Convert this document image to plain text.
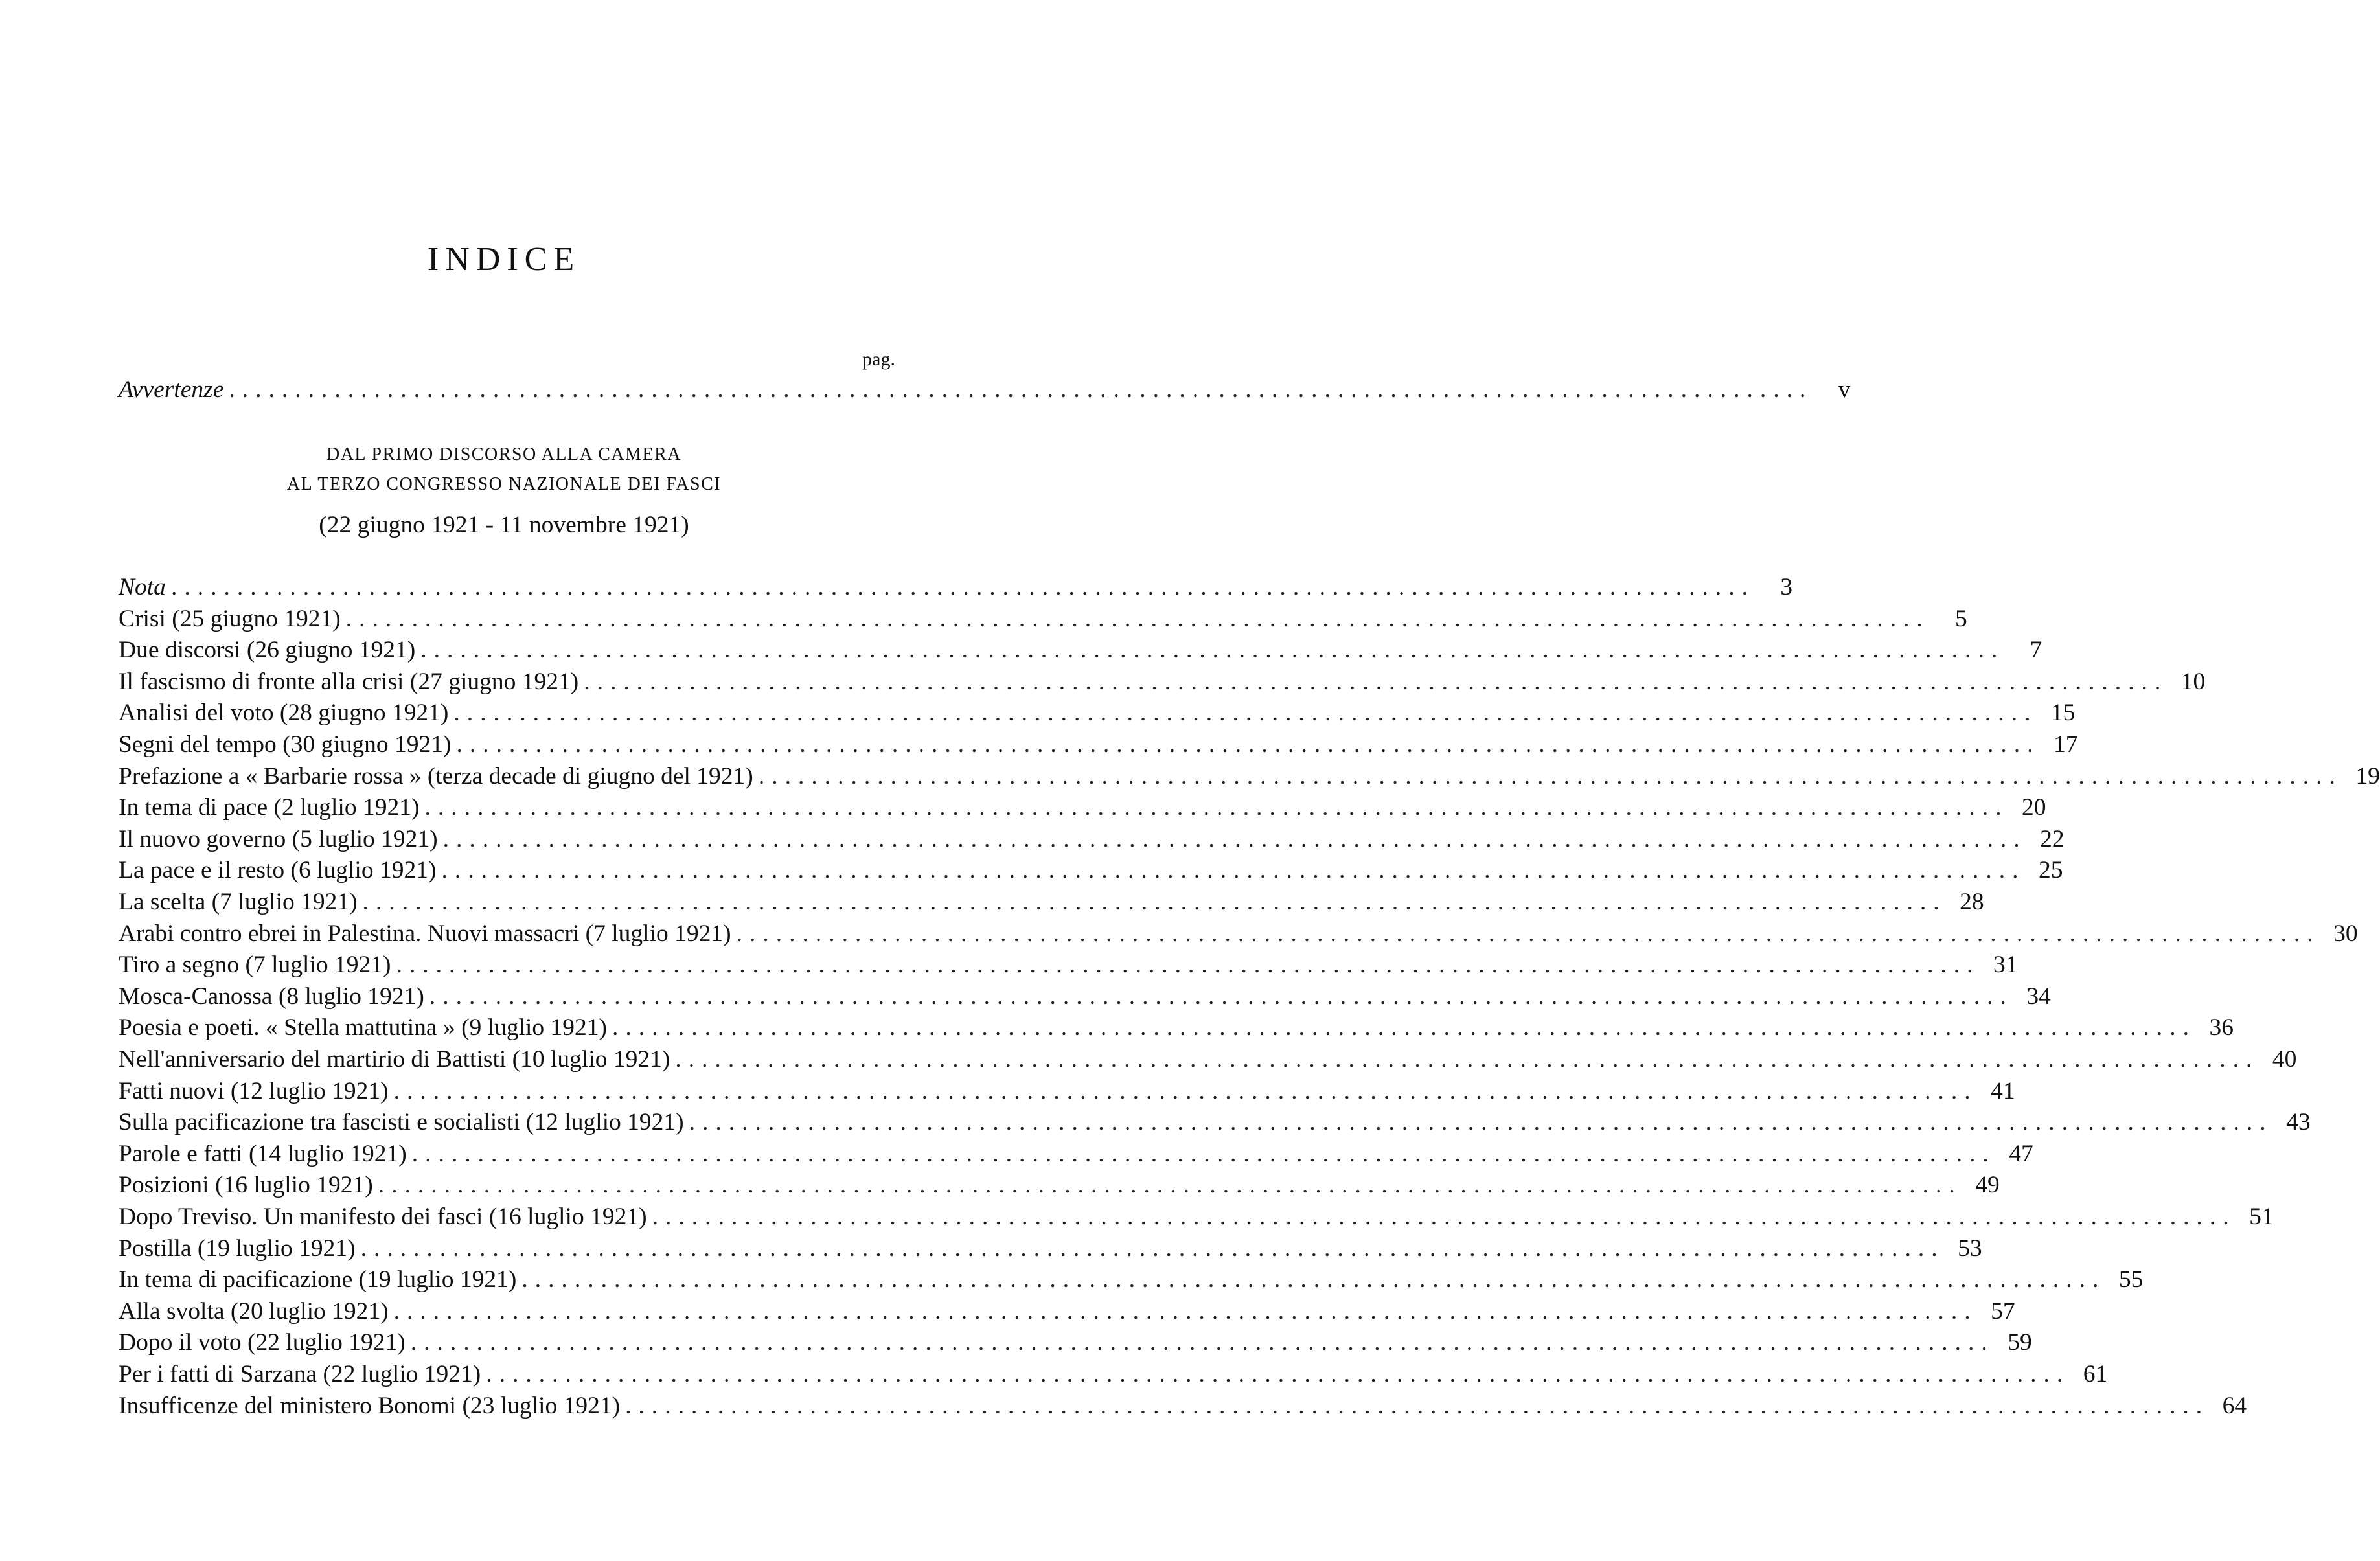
INDICE
pag.
Avvertenze ........................................................................................................................	v
DAL PRIMO DISCORSO ALLA CAMERA
AL TERZO CONGRESSO NAZIONALE DEI FASCI
(22 giugno 1921 - 11 novembre 1921)
Nota ........................................................................................................................	3
Crisi (25 giugno 1921) ........................................................................................................................	5
Due discorsi (26 giugno 1921) ........................................................................................................................	7
Il fascismo di fronte alla crisi (27 giugno 1921) ........................................................................................................................ 10
Analisi del voto (28 giugno 1921) ........................................................................................................................ 15
Segni del tempo (30 giugno 1921) ........................................................................................................................ 17
Prefazione a « Barbarie rossa » (terza decade di giugno del 1921) ........................................................................................................................ 19
In tema di pace (2 luglio 1921) ........................................................................................................................ 20
Il nuovo governo (5 luglio 1921) ........................................................................................................................ 22
La pace e il resto (6 luglio 1921) ........................................................................................................................ 25
La scelta (7 luglio 1921) ........................................................................................................................ 28
Arabi contro ebrei in Palestina. Nuovi massacri (7 luglio 1921) ........................................................................................................................ 30
Tiro a segno (7 luglio 1921) ........................................................................................................................ 31
Mosca-Canossa (8 luglio 1921) ........................................................................................................................ 34
Poesia e poeti. « Stella mattutina » (9 luglio 1921) ........................................................................................................................ 36
Nell'anniversario del martirio di Battisti (10 luglio 1921) ........................................................................................................................ 40
Fatti nuovi (12 luglio 1921) ........................................................................................................................ 41
Sulla pacificazione tra fascisti e socialisti (12 luglio 1921) ........................................................................................................................ 43
Parole e fatti (14 luglio 1921) ........................................................................................................................ 47
Posizioni (16 luglio 1921) ........................................................................................................................ 49
Dopo Treviso. Un manifesto dei fasci (16 luglio 1921) ........................................................................................................................ 51
Postilla (19 luglio 1921) ........................................................................................................................ 53
In tema di pacificazione (19 luglio 1921) ........................................................................................................................ 55
Alla svolta (20 luglio 1921) ........................................................................................................................ 57
Dopo il voto (22 luglio 1921) ........................................................................................................................ 59
Per i fatti di Sarzana (22 luglio 1921) ........................................................................................................................ 61
Insufficenze del ministero Bonomi (23 luglio 1921) ........................................................................................................................ 64
